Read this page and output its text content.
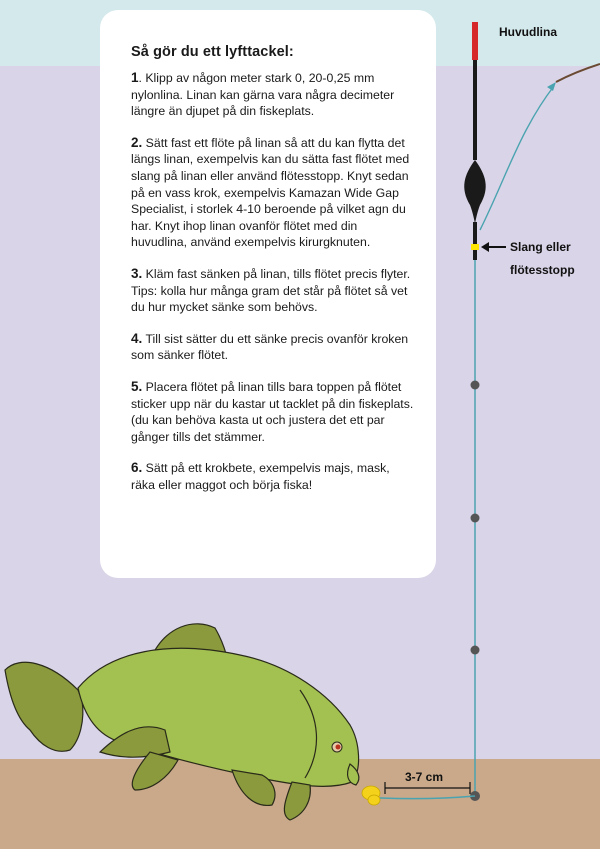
Huvudlina
Slang eller
flötesstopp
3-7 cm
Så gör du ett lyfttackel:

1. Klipp av någon meter stark 0, 20-0,25 mm nylonlina. Linan kan gärna vara några decimeter längre än djupet på din fiskeplats.

2. Sätt fast ett flöte på linan så att du kan flytta det längs linan, exempelvis kan du sätta fast flötet med slang på linan eller använd flötesstopp. Knyt sedan på en vass krok, exempelvis Kamazan Wide Gap Specialist, i storlek 4-10 beroende på vilket agn du har. Knyt ihop linan ovanför flötet med din huvudlina, använd exempelvis kirurgknuten.

3. Kläm fast sänken på linan, tills flötet precis flyter. Tips: kolla hur många gram det står på flötet så vet du hur mycket sänke som behövs.

4. Till sist sätter du ett sänke precis ovanför kroken som sänker flötet.

5. Placera flötet på linan tills bara toppen på flötet sticker upp när du kastar ut tacklet på din fiskeplats. (du kan behöva kasta ut och justera det ett par gånger tills det stämmer.

6. Sätt på ett krokbete, exempelvis majs, mask, räka eller maggot och börja fiska!
